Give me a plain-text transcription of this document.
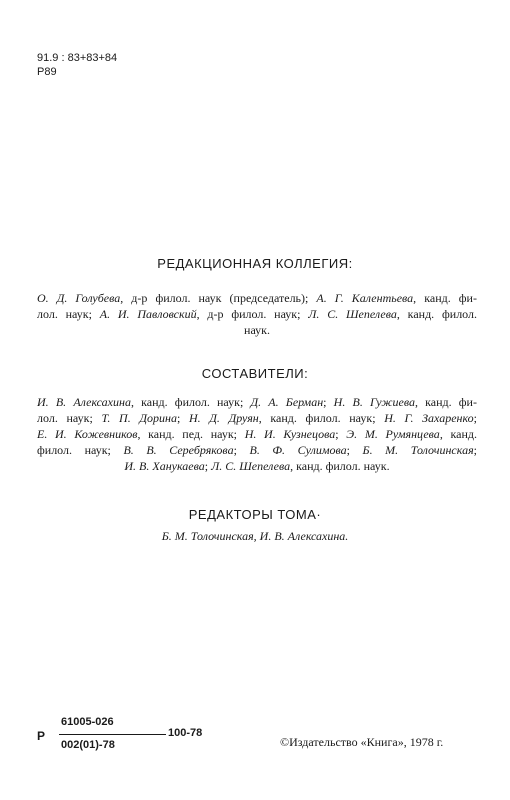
91.9 : 83+83+84
Р89
РЕДАКЦИОННАЯ КОЛЛЕГИЯ:
О. Д. Голубева, д-р филол. наук (председатель); А. Г. Калентьева, канд. фи-
лол. наук; А. И. Павловский, д-р филол. наук; Л. С. Шепелева, канд. филол.
наук.
СОСТАВИТЕЛИ:
И. В. Алексахина, канд. филол. наук; Д. А. Берман; Н. В. Гужиева, канд. фи-
лол. наук; Т. П. Дорина; Н. Д. Друян, канд. филол. наук; Н. Г. Захаренко;
Е. И. Кожевников, канд. пед. наук; Н. И. Кузнецова; Э. М. Румянцева, канд.
филол. наук; В. В. Серебрякова; В. Ф. Сулимова; Б. М. Толочинская;
И. В. Ханукаева; Л. С. Шепелева, канд. филол. наук.
РЕДАКТОРЫ ТОМА·
Б. М. Толочинская, И. В. Алексахина.
Р
61005-026
002(01)-78
100-78
©Издательство «Книга», 1978 г.
